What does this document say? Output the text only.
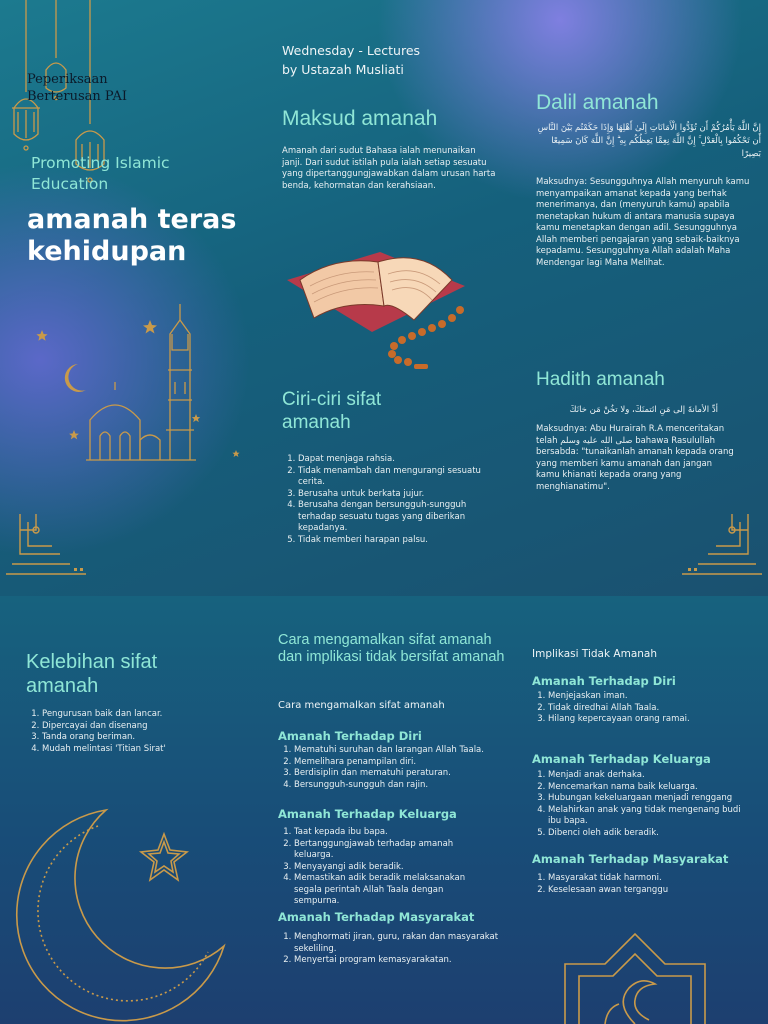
Peperiksaan
Berterusan PAI
Promoting Islamic Education
amanah teras
kehidupan
Wednesday - Lectures
by Ustazah Musliati
Maksud amanah
Amanah dari sudut Bahasa ialah menunaikan janji. Dari sudut istilah pula ialah setiap sesuatu yang dipertanggungjawabkan dalam urusan harta benda, kehormatan dan kerahsiaan.
Ciri-ciri sifat
amanah
1. Dapat menjaga rahsia.
2. Tidak menambah dan mengurangi sesuatu cerita.
3. Berusaha untuk berkata jujur.
4. Berusaha dengan bersungguh-sungguh terhadap sesuatu tugas yang diberikan kepadanya.
5. Tidak memberi harapan palsu.
Dalil amanah
إِنَّ اللَّهَ يَأْمُرُكُمْ أَن تُؤَدُّوا الْأَمَانَاتِ إِلَىٰ أَهْلِهَا وَإِذَا حَكَمْتُم بَيْنَ النَّاسِ أَن تَحْكُمُوا بِالْعَدْلِ ۚ إِنَّ اللَّهَ نِعِمَّا يَعِظُكُم بِهِ ۗ إِنَّ اللَّهَ كَانَ سَمِيعًا بَصِيرًا
Maksudnya: Sesungguhnya Allah menyuruh kamu menyampaikan amanat kepada yang berhak menerimanya, dan (menyuruh kamu) apabila menetapkan hukum di antara manusia supaya kamu menetapkan dengan adil. Sesungguhnya Allah memberi pengajaran yang sebaik-baiknya kepadamu. Sesungguhnya Allah adalah Maha Mendengar lagi Maha Melihat.
Hadith amanah
أدِّ الأمانةَ إلى مَنِ ائتمنَكَ، ولا تخُنْ مَن خانَكَ
Maksudnya: Abu Hurairah R.A menceritakan telah صلى الله عليه وسلم bahawa Rasulullah bersabda: "tunaikanlah amanah kepada orang yang memberi kamu amanah dan jangan kamu khianati kepada orang yang menghianatimu".
Kelebihan sifat
amanah
1. Pengurusan baik dan lancar.
2. Dipercayai dan disenang
3. Tanda orang beriman.
4. Mudah melintasi 'Titian Sirat'
Cara mengamalkan sifat amanah dan implikasi tidak bersifat amanah
Cara mengamalkan sifat amanah
Amanah Terhadap Diri
1. Mematuhi suruhan dan larangan Allah Taala.
2. Memelihara penampilan diri.
3. Berdisiplin dan mematuhi peraturan.
4. Bersungguh-sungguh dan rajin.
Amanah Terhadap Keluarga
1. Taat kepada ibu bapa.
2. Bertanggungjawab terhadap amanah keluarga.
3. Menyayangi adik beradik.
4. Memastikan adik beradik melaksanakan segala perintah Allah Taala dengan sempurna.
Amanah Terhadap Masyarakat
1. Menghormati jiran, guru, rakan dan masyarakat sekeliling.
2. Menyertai program kemasyarakatan.
Implikasi Tidak Amanah
Amanah Terhadap Diri
1. Menjejaskan iman.
2. Tidak diredhai Allah Taala.
3. Hilang kepercayaan orang ramai.
Amanah Terhadap Keluarga
1. Menjadi anak derhaka.
2. Mencemarkan nama baik keluarga.
3. Hubungan kekeluargaan menjadi renggang
4. Melahirkan anak yang tidak mengenang budi ibu bapa.
5. Dibenci oleh adik beradik.
Amanah Terhadap Masyarakat
1. Masyarakat tidak harmoni.
2. Keselesaan awan terganggu
